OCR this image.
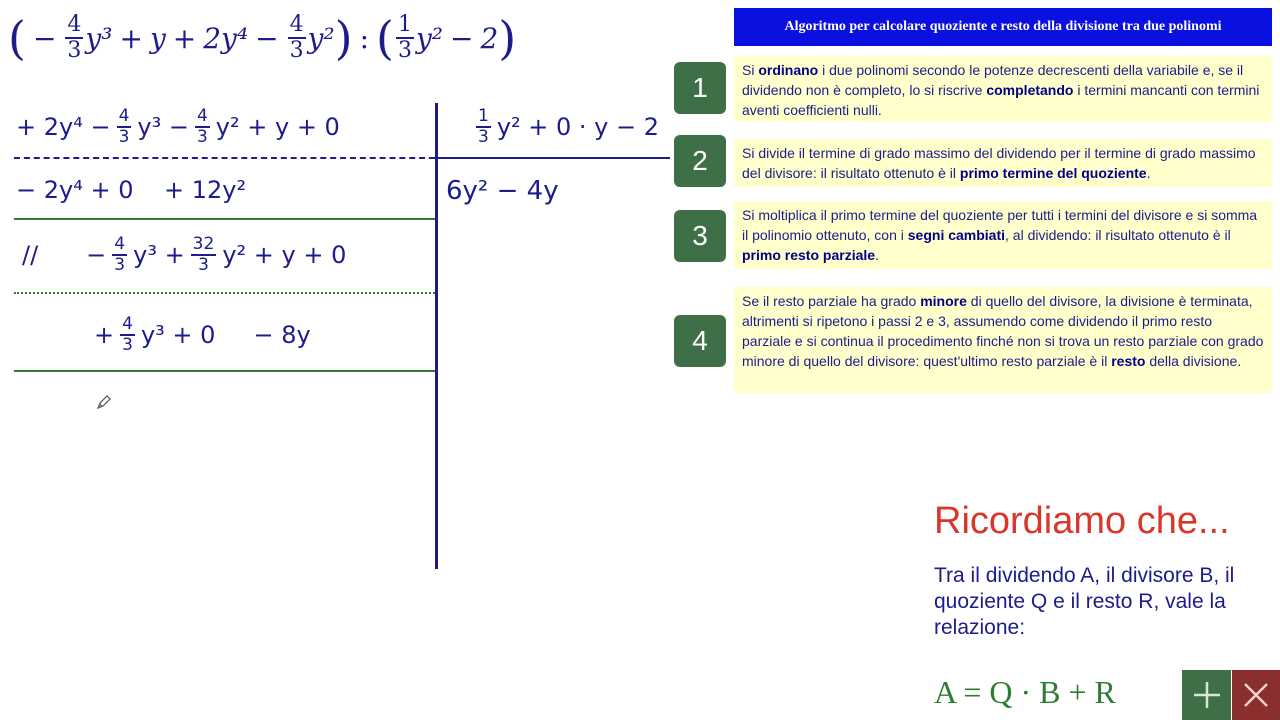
( − $\frac{4}{3} y^3 + y + 2y^4 - \frac{4}{3} y^2$ ) : ( $\frac{1}{3} y^2 - 2$ )
+ $2y^4 - \frac{4}{3} y^3 - \frac{4}{3} y^2 + y + 0$	$\frac{1}{3} y^2 + 0 \cdot y - 2$
− 2y⁴ + 0    + 12y²	6y² − 4y
// − $\frac{4}{3} y^3 + \frac{32}{3} y^2 + y + 0$
+ $\frac{4}{3} y^3 + 0$     − 8y
Algoritmo per calcolare quoziente e resto della divisione tra due polinomi
1
Si ordinano i due polinomi secondo le potenze decrescenti della variabile e, se il dividendo non è completo, lo si riscrive completando i termini mancanti con termini aventi coefficienti nulli.
2	Si divide il termine di grado massimo del dividendo per il termine di grado massimo del divisore: il risultato ottenuto è il primo termine del quoziente.
3
Si moltiplica il primo termine del quoziente per tutti i termini del divisore e si somma il polinomio ottenuto, con i segni cambiati, al dividendo: il risultato ottenuto è il primo resto parziale.
4
Se il resto parziale ha grado minore di quello del divisore, la divisione è terminata, altrimenti si ripetono i passi 2 e 3, assumendo come dividendo il primo resto parziale e si continua il procedimento finché non si trova un resto parziale con grado minore di quello del divisore: quest'ultimo resto parziale è il resto della divisione.
Ricordiamo che...
Tra il dividendo A, il divisore B, il quoziente Q e il resto R, vale la relazione:
A = Q · B + R
